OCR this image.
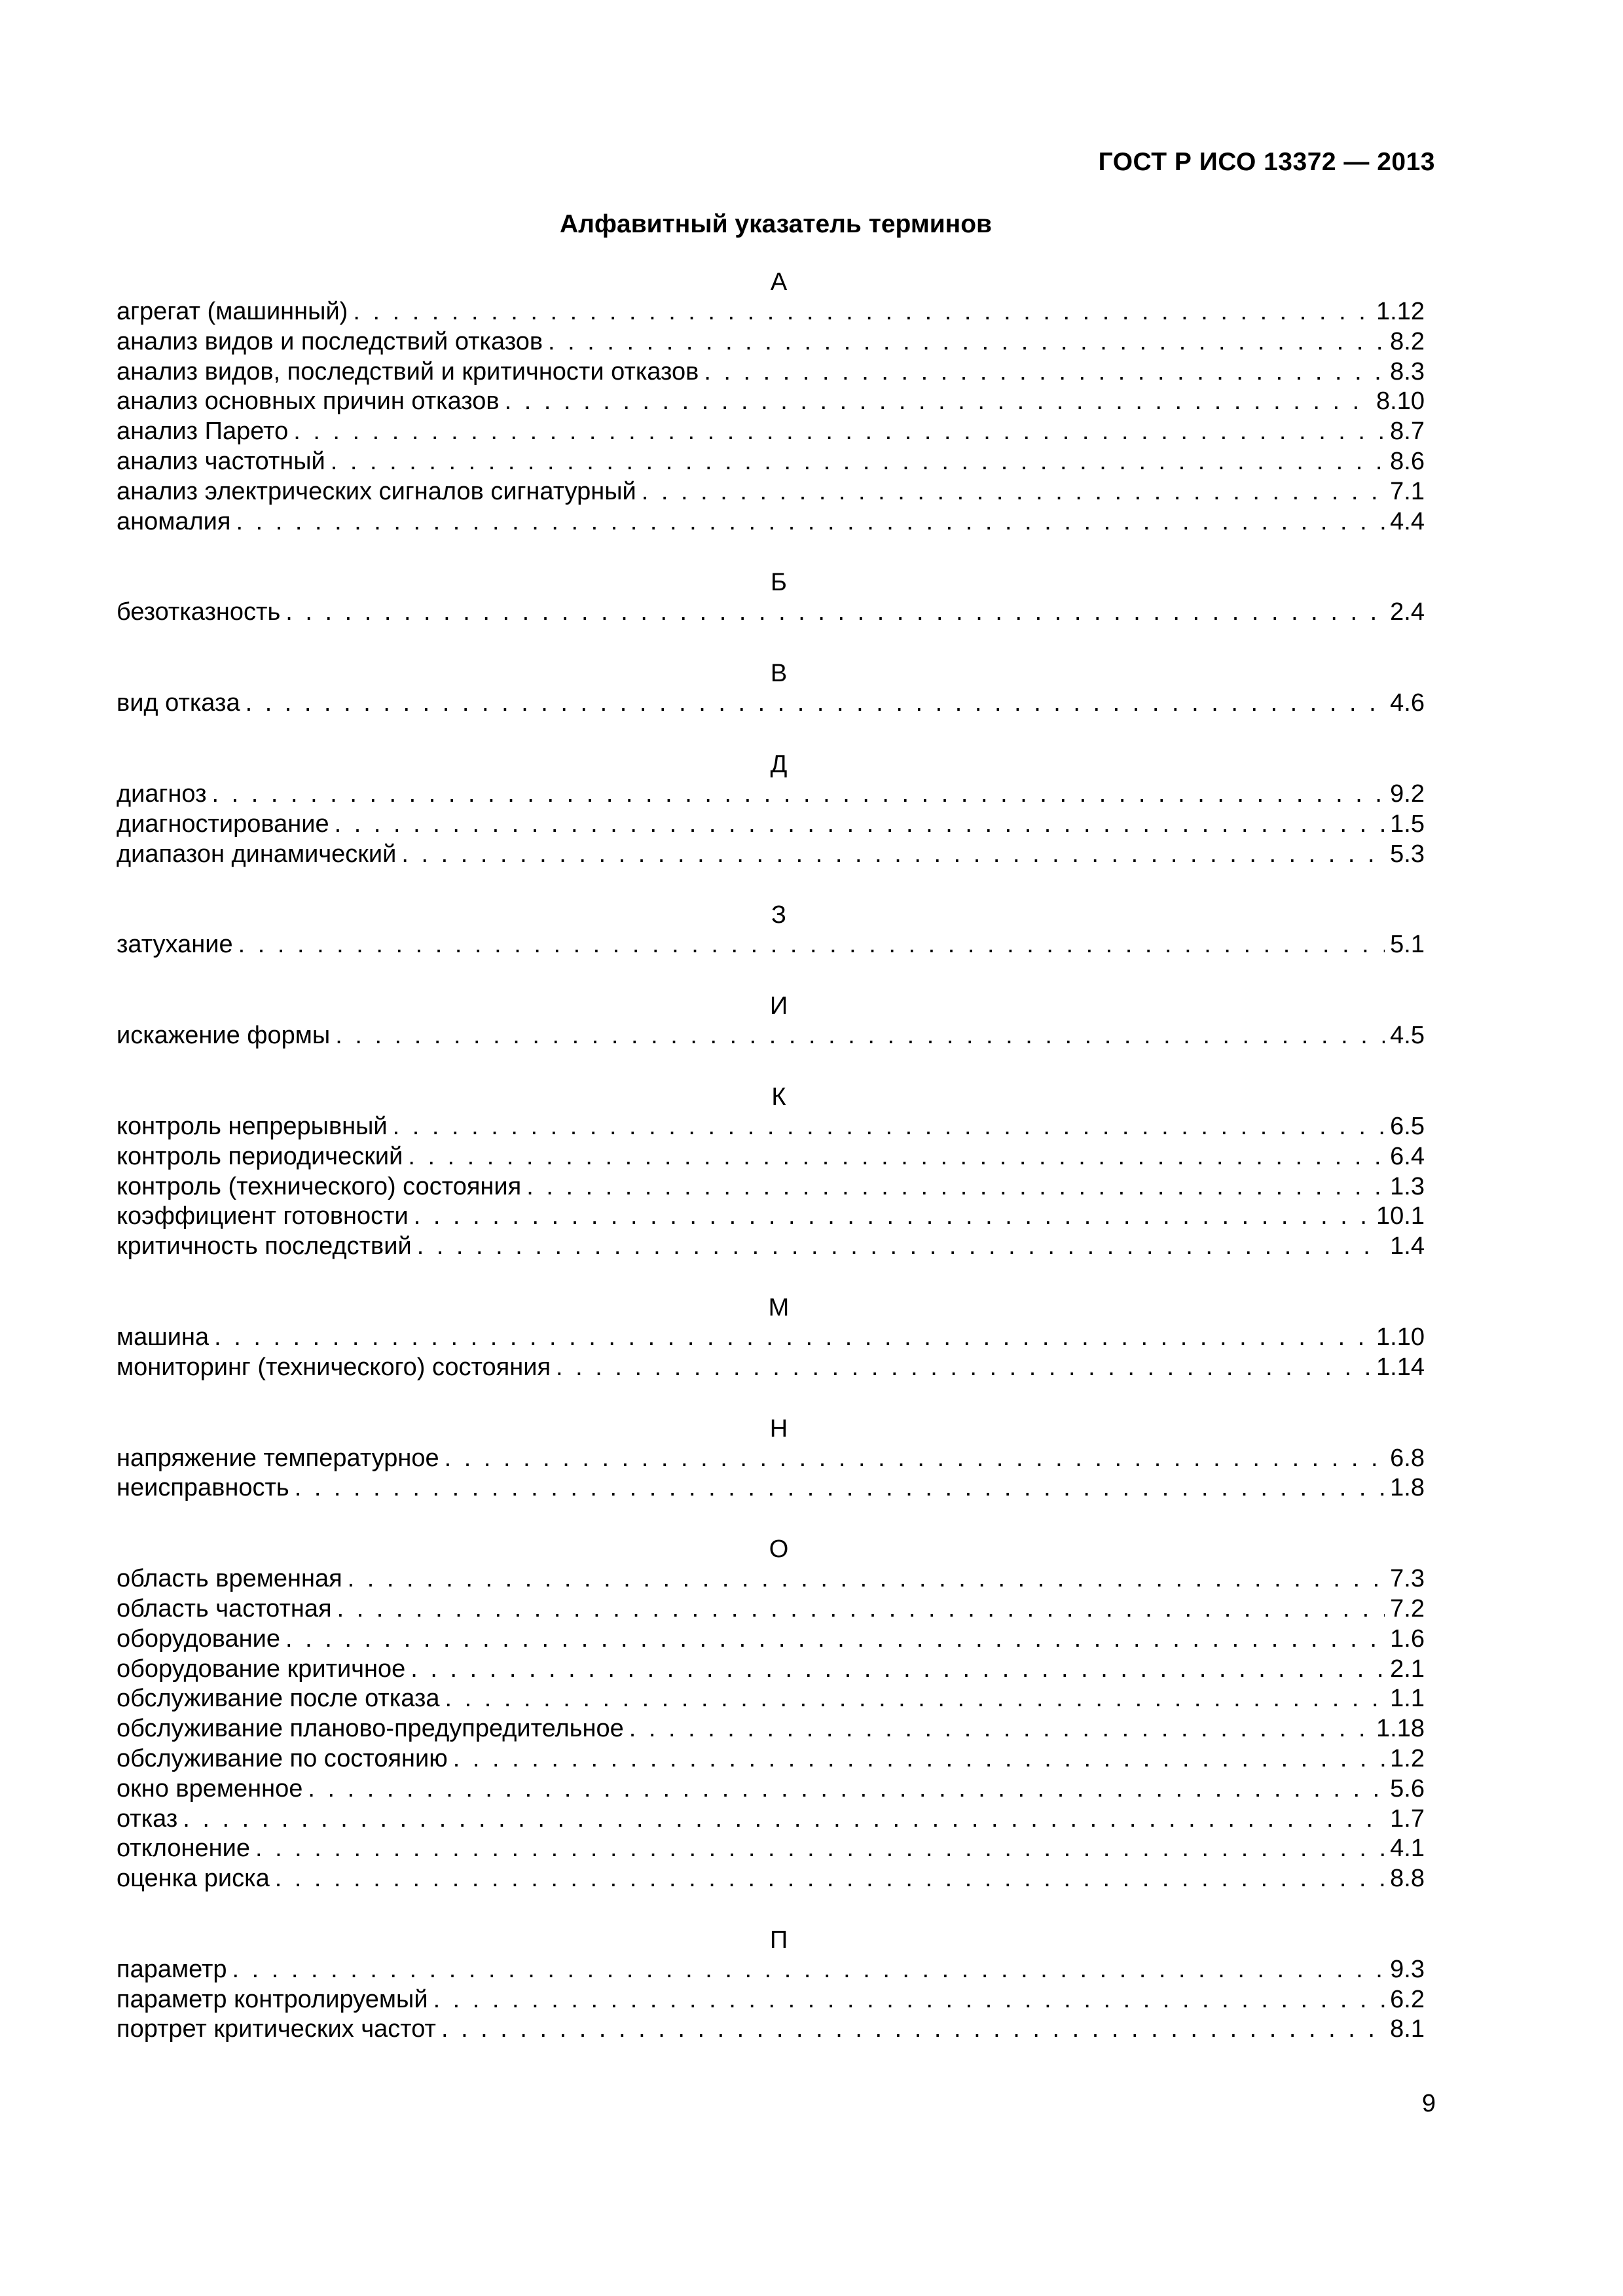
ГОСТ Р ИСО 13372 — 2013
Алфавитный указатель терминов
А
агрегат (машинный) . . .	1.12
анализ видов и последствий отказов . . .	8.2
анализ видов, последствий и критичности отказов . . .	8.3
анализ основных причин отказов . . .	8.10
анализ Парето . . .	8.7
анализ частотный . . .	8.6
анализ электрических сигналов сигнатурный . . .	7.1
аномалия . . .	4.4
Б
безотказность . . .	2.4
В
вид отказа . . .	4.6
Д
диагноз . . .	9.2
диагностирование . . .	1.5
диапазон динамический . . .	5.3
З
затухание . . .	5.1
И
искажение формы . . .	4.5
К
контроль непрерывный . . .	6.5
контроль периодический . . .	6.4
контроль (технического) состояния . . .	1.3
коэффициент готовности . . .	10.1
критичность последствий . . .	1.4
М
машина . . .	1.10
мониторинг (технического) состояния . . .	1.14
Н
напряжение температурное . . .	6.8
неисправность . . .	1.8
О
область временная . . .	7.3
область частотная . . .	7.2
оборудование . . .	1.6
оборудование критичное . . .	2.1
обслуживание после отказа . . .	1.1
обслуживание планово-предупредительное . . .	1.18
обслуживание по состоянию . . .	1.2
окно временное . . .	5.6
отказ . . .	1.7
отклонение . . .	4.1
оценка риска . . .	8.8
П
параметр . . .	9.3
параметр контролируемый . . .	6.2
портрет критических частот . . .	8.1
9
